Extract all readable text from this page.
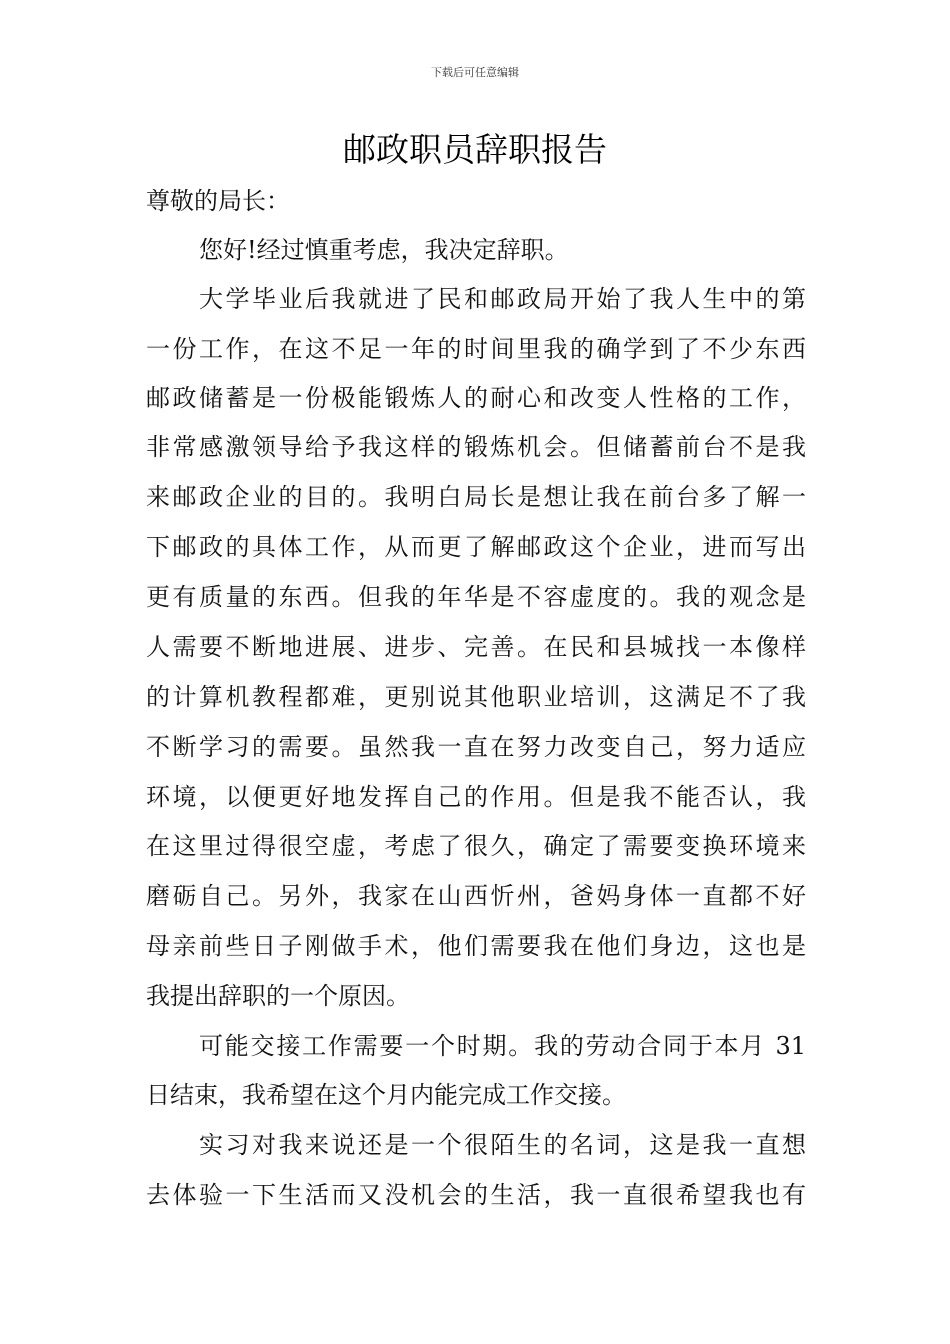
下载后可任意编辑
邮政职员辞职报告
尊敬的局长：
您好!经过慎重考虑，我决定辞职。
大学毕业后我就进了民和邮政局开始了我人生中的第
一份工作，在这不足一年的时间里我的确学到了不少东西
邮政储蓄是一份极能锻炼人的耐心和改变人性格的工作，
非常感激领导给予我这样的锻炼机会。但储蓄前台不是我
来邮政企业的目的。我明白局长是想让我在前台多了解一
下邮政的具体工作，从而更了解邮政这个企业，进而写出
更有质量的东西。但我的年华是不容虚度的。我的观念是
人需要不断地进展、进步、完善。在民和县城找一本像样
的计算机教程都难，更别说其他职业培训，这满足不了我
不断学习的需要。虽然我一直在努力改变自己，努力适应
环境，以便更好地发挥自己的作用。但是我不能否认，我
在这里过得很空虚，考虑了很久，确定了需要变换环境来
磨砺自己。另外，我家在山西忻州，爸妈身体一直都不好
母亲前些日子刚做手术，他们需要我在他们身边，这也是
我提出辞职的一个原因。
可能交接工作需要一个时期。我的劳动合同于本月 31
日结束，我希望在这个月内能完成工作交接。
实习对我来说还是一个很陌生的名词，这是我一直想
去体验一下生活而又没机会的生活，我一直很希望我也有
